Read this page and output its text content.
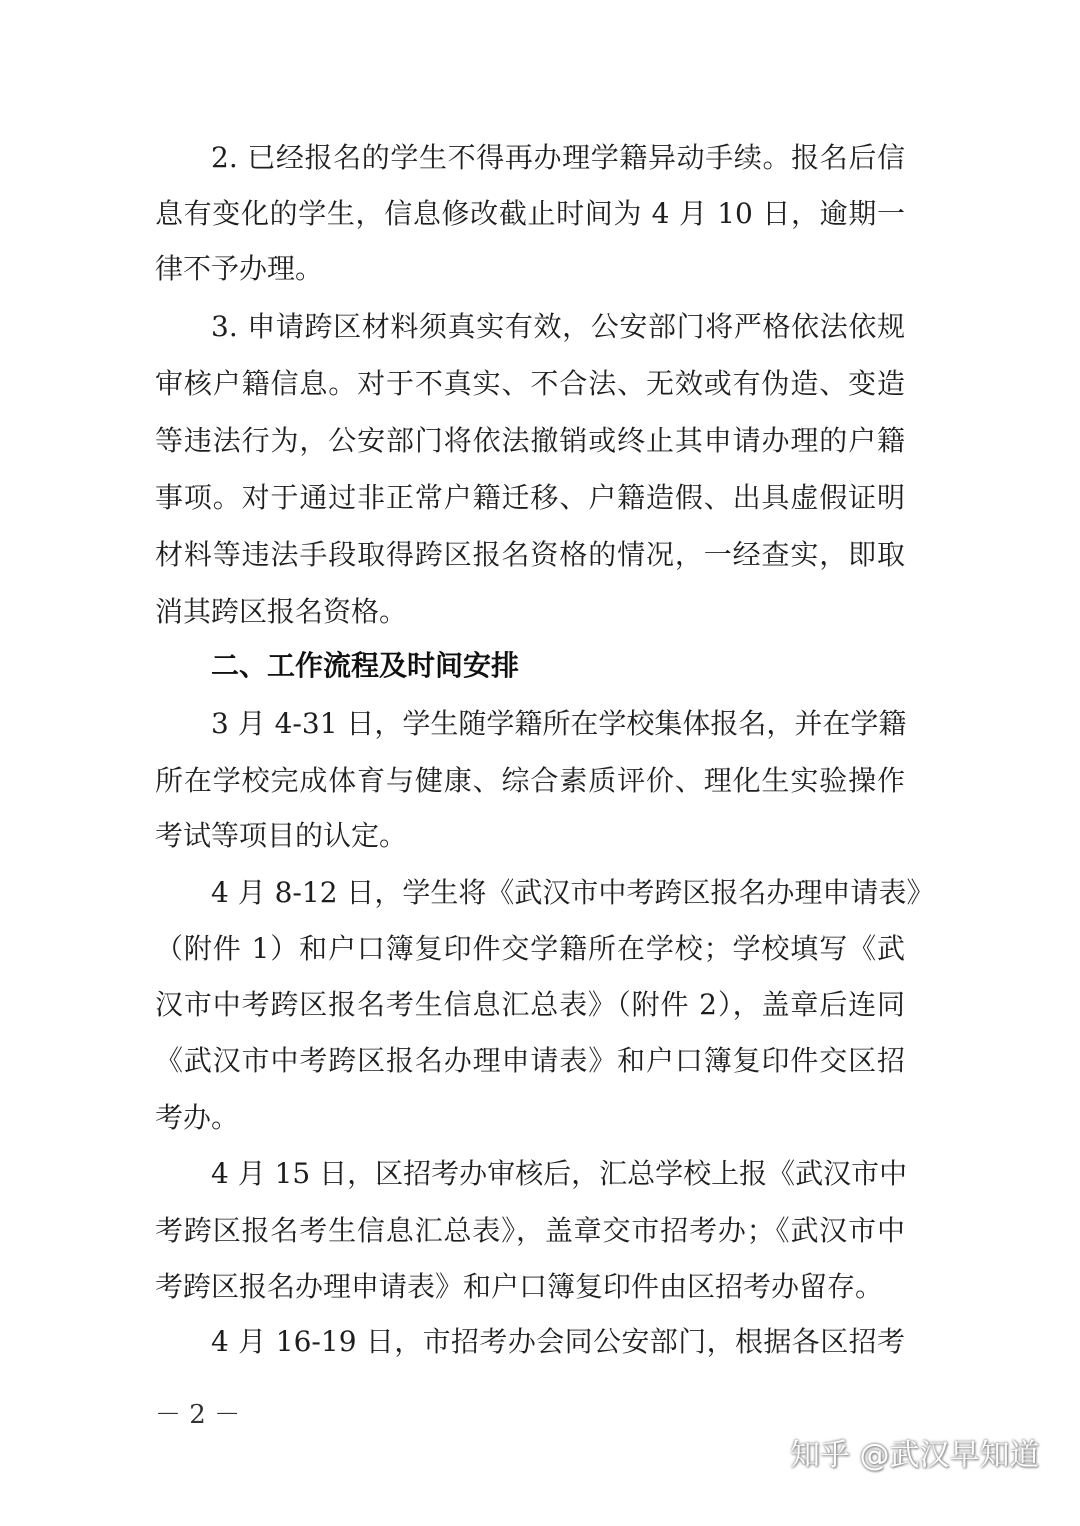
2. 已经报名的学生不得再办理学籍异动手续。报名后信
息有变化的学生，信息修改截止时间为 4 月 10 日，逾期一
律不予办理。
3. 申请跨区材料须真实有效，公安部门将严格依法依规
审核户籍信息。对于不真实、不合法、无效或有伪造、变造
等违法行为，公安部门将依法撤销或终止其申请办理的户籍
事项。对于通过非正常户籍迁移、户籍造假、出具虚假证明
材料等违法手段取得跨区报名资格的情况，一经查实，即取
消其跨区报名资格。
二、工作流程及时间安排
3 月 4-31 日，学生随学籍所在学校集体报名，并在学籍
所在学校完成体育与健康、综合素质评价、理化生实验操作
考试等项目的认定。
4 月 8-12 日，学生将《武汉市中考跨区报名办理申请表》
（附件 1）和户口簿复印件交学籍所在学校；学校填写《武
汉市中考跨区报名考生信息汇总表》（附件 2），盖章后连同
《武汉市中考跨区报名办理申请表》和户口簿复印件交区招
考办。
4 月 15 日，区招考办审核后，汇总学校上报《武汉市中
考跨区报名考生信息汇总表》，盖章交市招考办；《武汉市中
考跨区报名办理申请表》和户口簿复印件由区招考办留存。
4 月 16-19 日，市招考办会同公安部门，根据各区招考
－ 2 －
知乎 @武汉早知道
